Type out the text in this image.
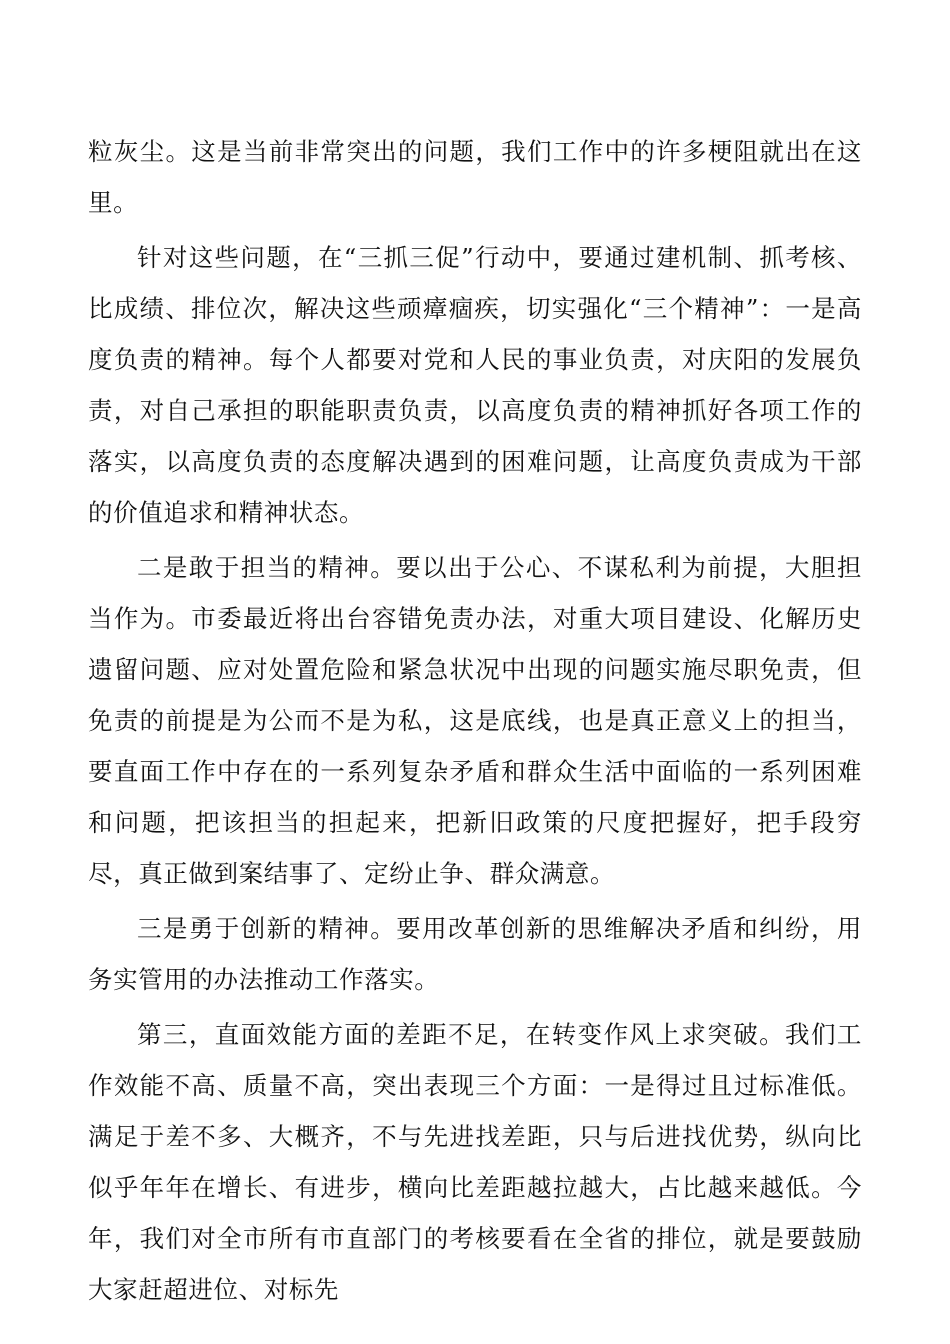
粒灰尘。这是当前非常突出的问题，我们工作中的许多梗阻就出在这里。

针对这些问题，在“三抓三促”行动中，要通过建机制、抓考核、比成绩、排位次，解决这些顽瘴痼疾，切实强化“三个精神”：一是高度负责的精神。每个人都要对党和人民的事业负责，对庆阳的发展负责，对自己承担的职能职责负责，以高度负责的精神抓好各项工作的落实，以高度负责的态度解决遇到的困难问题，让高度负责成为干部的价值追求和精神状态。

二是敢于担当的精神。要以出于公心、不谋私利为前提，大胆担当作为。市委最近将出台容错免责办法，对重大项目建设、化解历史遗留问题、应对处置危险和紧急状况中出现的问题实施尽职免责，但免责的前提是为公而不是为私，这是底线，也是真正意义上的担当，要直面工作中存在的一系列复杂矛盾和群众生活中面临的一系列困难和问题，把该担当的担起来，把新旧政策的尺度把握好，把手段穷尽，真正做到案结事了、定纷止争、群众满意。

三是勇于创新的精神。要用改革创新的思维解决矛盾和纠纷，用务实管用的办法推动工作落实。

第三，直面效能方面的差距不足，在转变作风上求突破。我们工作效能不高、质量不高，突出表现三个方面：一是得过且过标准低。满足于差不多、大概齐，不与先进找差距，只与后进找优势，纵向比似乎年年在增长、有进步，横向比差距越拉越大，占比越来越低。今年，我们对全市所有市直部门的考核要看在全省的排位，就是要鼓励大家赶超进位、对标先
